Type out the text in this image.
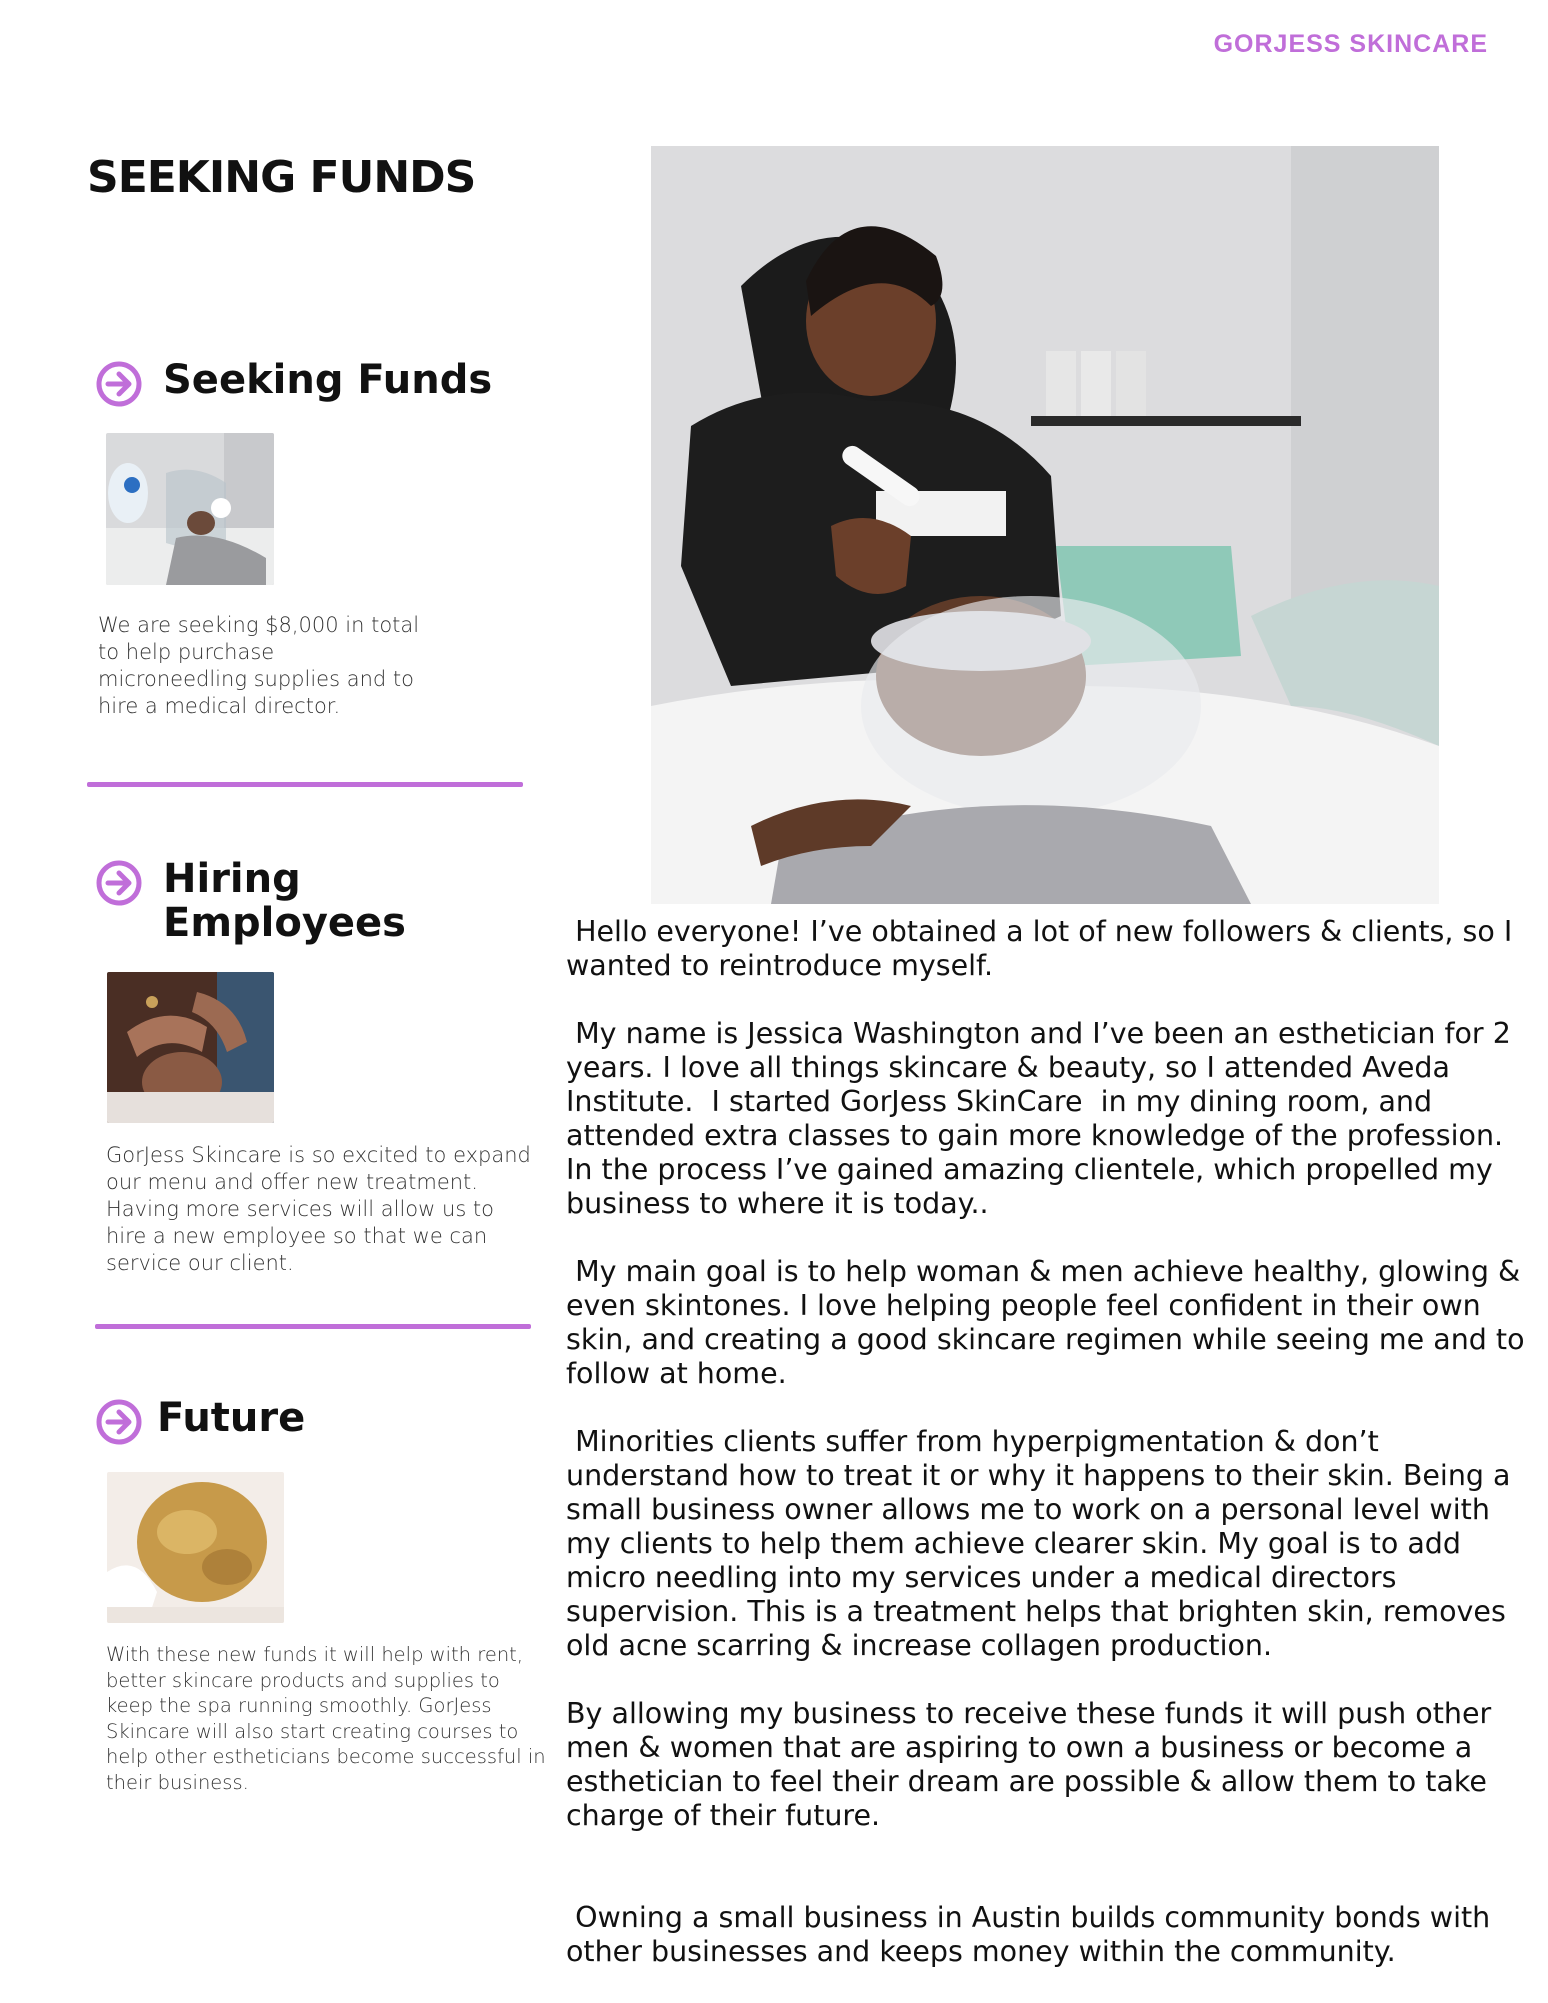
GORJESS SKINCARE
SEEKING FUNDS
Seeking Funds

We are seeking $8,000 in total to help purchase microneedling supplies and to hire a medical director.

Hiring Employees

GorJess Skincare is so excited to expand our menu and offer new treatment. Having more services will allow us to hire a new employee so that we can service our client.

Future

With these new funds it will help with rent, better skincare products and supplies to keep the spa running smoothly. GorJess Skincare will also start creating courses to help other estheticians become successful in their business.

Hello everyone! I’ve obtained a lot of new followers & clients, so I wanted to reintroduce myself.

My name is Jessica Washington and I’ve been an esthetician for 2 years. I love all things skincare & beauty, so I attended Aveda Institute.  I started GorJess SkinCare  in my dining room, and attended extra classes to gain more knowledge of the profession. In the process I’ve gained amazing clientele, which propelled my business to where it is today..

My main goal is to help woman & men achieve healthy, glowing & even skintones. I love helping people feel confident in their own skin, and creating a good skincare regimen while seeing me and to follow at home.

Minorities clients suffer from hyperpigmentation & don’t understand how to treat it or why it happens to their skin. Being a small business owner allows me to work on a personal level with my clients to help them achieve clearer skin. My goal is to add micro needling into my services under a medical directors supervision. This is a treatment helps that brighten skin, removes old acne scarring & increase collagen production.

By allowing my business to receive these funds it will push other men & women that are aspiring to own a business or become a esthetician to feel their dream are possible & allow them to take charge of their future.

Owning a small business in Austin builds community bonds with other businesses and keeps money within the community.
